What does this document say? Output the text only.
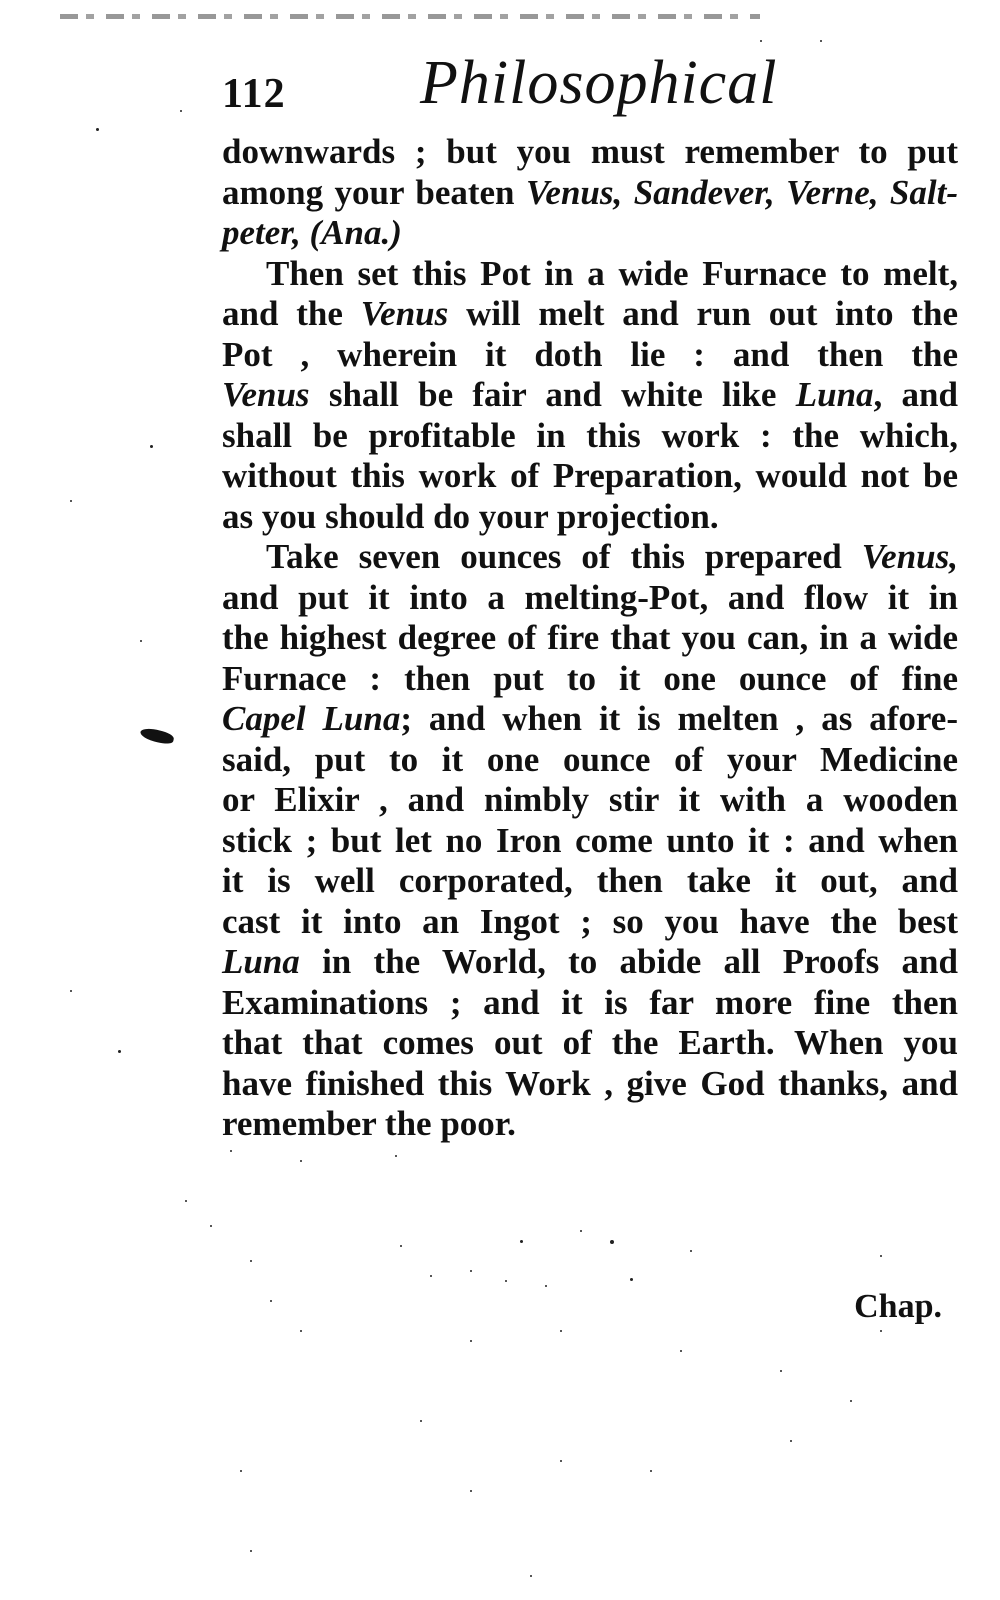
112 Philosophical
downwards ; but you must remember to put
among your beaten Venus, Sandever, Verne, Salt-
peter, (Ana.)
Then set this Pot in a wide Furnace to melt,
and the Venus will melt and run out into the
Pot , wherein it doth lie : and then the
Venus shall be fair and white like Luna, and
shall be profitable in this work : the which,
without this work of Preparation, would not be
as you should do your projection.
Take seven ounces of this prepared Venus,
and put it into a melting-Pot, and flow it in
the highest degree of fire that you can, in a wide
Furnace : then put to it one ounce of fine
Capel Luna; and when it is melten , as afore-
said, put to it one ounce of your Medicine
or Elixir , and nimbly stir it with a wooden
stick ; but let no Iron come unto it : and when
it is well corporated, then take it out, and
cast it into an Ingot ; so you have the best
Luna in the World, to abide all Proofs and
Examinations ; and it is far more fine then
that that comes out of the Earth. When you
have finished this Work , give God thanks, and
remember the poor.
Chap.
